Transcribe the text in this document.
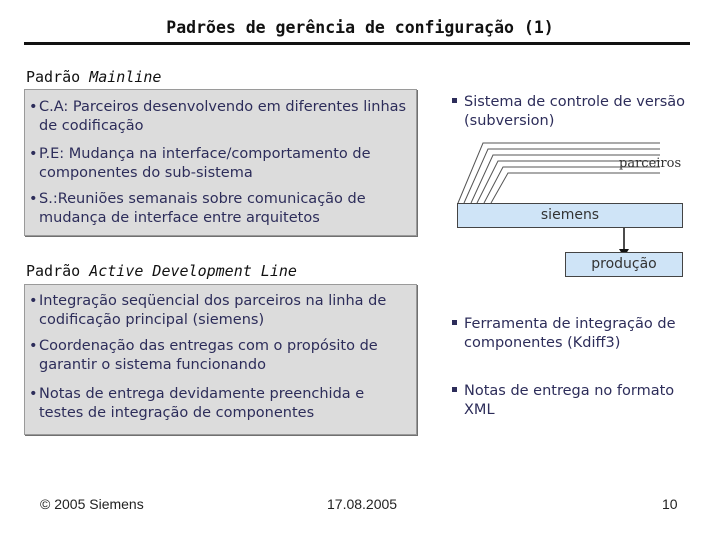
Padrões de gerência de configuração (1)
Padrão Mainline
• C.A: Parceiros desenvolvendo em diferentes linhas de codificação
• P.E: Mudança na interface/comportamento de componentes do sub-sistema
• S.:Reuniões semanais sobre comunicação de mudança de interface entre arquitetos
Padrão Active Development Line
• Integração seqüencial dos parceiros na linha de codificação principal (siemens)
• Coordenação das entregas com o propósito de garantir o sistema funcionando
• Notas de entrega devidamente preenchida e testes de integração de componentes
Sistema de controle de versão (subversion)
parceiros
siemens
produção
Ferramenta de integração de componentes (Kdiff3)
Notas de entrega no formato XML
© 2005 Siemens	17.08.2005	10
